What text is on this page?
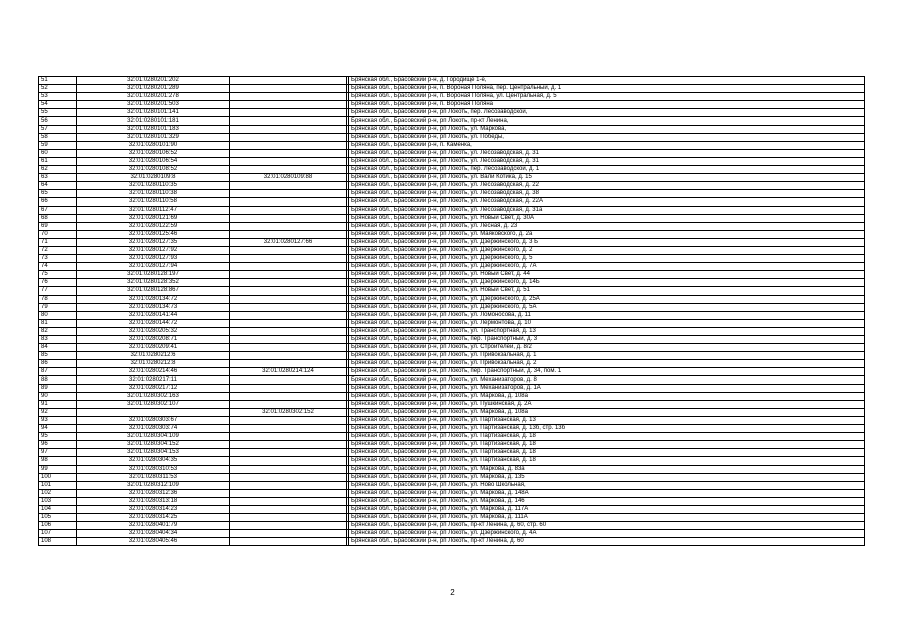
51	32:01:0280201:202			Брянская обл., Брасовский р-н, д. Городище 1-е,
52	32:01:0280201:289			Брянская обл., Брасовский р-н, п. Вороная Поляна, пер. Центральный, д. 1
53	32:01:0280201:278			Брянская обл., Брасовский р-н, п. Вороная Поляна, ул. Центральная, д. 5
54	32:01:0280201:503			Брянская обл., Брасовский р-н, п. Вороная Поляна
55	32:01:0280101:141			Брянская обл., Брасовский р-н, рп Локоть, пер. Лесозаводской,
56	32:01:0280101:181			Брянская обл., Брасовский р-н, рп Локоть, пр-кт Ленина,
57	32:01:0280101:183			Брянская обл., Брасовский р-н, рп Локоть, ул. Маркова,
58	32:01:0280101:329			Брянская обл., Брасовский р-н, рп Локоть, ул. Победы,
59	32:01:0280101:90			Брянская обл., Брасовский р-н, п. Каменка,
60	32:01:0280106:52			Брянская обл., Брасовский р-н, рп Локоть, ул. Лесозаводская, д. 31
61	32:01:0280106:54			Брянская обл., Брасовский р-н, рп Локоть, ул. Лесозаводская, д. 31
62	32:01:0280108:52			Брянская обл., Брасовский р-н, рп Локоть, пер. Лесозаводской, д. 1
63	32:01:0280109:8	32:01:0280109:88		Брянская обл., Брасовский р-н, рп Локоть, ул. Вали Котика, д. 15
64	32:01:0280110:35			Брянская обл., Брасовский р-н, рп Локоть, ул. Лесозаводская, д. 22
65	32:01:0280110:38			Брянская обл., Брасовский р-н, рп Локоть, ул. Лесозаводская, д. 38
66	32:01:0280110:58			Брянская обл., Брасовский р-н, рп Локоть, ул. Лесозаводская, д. 22А
67	32:01:0280112:47			Брянская обл., Брасовский р-н, рп Локоть, ул. Лесозаводская, д. 31а
68	32:01:0280121:69			Брянская обл., Брасовский р-н, рп Локоть, ул. Новый Свет, д. 30А
69	32:01:0280122:59			Брянская обл., Брасовский р-н, рп Локоть, ул. Лесная, д. 23
70	32:01:0280125:46			Брянская обл., Брасовский р-н, рп Локоть, ул. Маяковского, д. 2а
71	32:01:0280127:35	32:01:0280127:66		Брянская обл., Брасовский р-н, рп Локоть, ул. Дзержинского, д. 3 Б
72	32:01:0280127:92			Брянская обл., Брасовский р-н, рп Локоть, ул. Дзержинского, д. 2
73	32:01:0280127:93			Брянская обл., Брасовский р-н, рп Локоть, ул. Дзержинского, д. 5
74	32:01:0280127:94			Брянская обл., Брасовский р-н, рп Локоть, ул. Дзержинского, д. 7А
75	32:01:0280128:197			Брянская обл., Брасовский р-н, рп Локоть, ул. Новый Свет, д. 44
76	32:01:0280128:352			Брянская обл., Брасовский р-н, рп Локоть, ул. Дзержинского, д. 14Б
77	32:01:0280128:867			Брянская обл., Брасовский р-н, рп Локоть, ул. Новый Свет, д. 51
78	32:01:0280134:72			Брянская обл., Брасовский р-н, рп Локоть, ул. Дзержинского, д. 25А
79	32:01:0280134:73			Брянская обл., Брасовский р-н, рп Локоть, ул. Дзержинского, д. 5А
80	32:01:0280141:44			Брянская обл., Брасовский р-н, рп Локоть, ул. Ломоносова, д. 11
81	32:01:0280144:72			Брянская обл., Брасовский р-н, рп Локоть, ул. Лермонтова, д. 10
82	32:01:0280205:32			Брянская обл., Брасовский р-н, рп Локоть, ул. Транспортная, д. 13
83	32:01:0280208:71			Брянская обл., Брасовский р-н, рп Локоть, пер. Транспортный, д. 3
84	32:01:0280209:41			Брянская обл., Брасовский р-н, рп Локоть, ул. Строителей, д. 8/2
85	32:01:0280212:6			Брянская обл., Брасовский р-н, рп Локоть, ул. Привокзальная, д. 1
86	32:01:0280212:8			Брянская обл., Брасовский р-н, рп Локоть, ул. Привокзальная, д. 2
87	32:01:0280214:46	32:01:0280214:124		Брянская обл., Брасовский р-н, рп Локоть, пер. Транспортный, д. 34, пом. 1
88	32:01:0280217:11			Брянская обл., Брасовский р-н, рп Локоть, ул. Механизаторов, д. 8
89	32:01:0280217:12			Брянская обл., Брасовский р-н, рп Локоть, ул. Механизаторов, д. 1А
90	32:01:0280302:163			Брянская обл., Брасовский р-н, рп Локоть, ул. Маркова, д. 108а
91	32:01:0280302:107			Брянская обл., Брасовский р-н, рп Локоть, ул. Пушкинская, д. 2А
92		32:01:0280302:152		Брянская обл., Брасовский р-н, рп Локоть, ул. Маркова, д. 108а
93	32:01:0280303:67			Брянская обл., Брасовский р-н, рп Локоть, ул. Партизанская, д. 13
94	32:01:0280303:74			Брянская обл., Брасовский р-н, рп Локоть, ул. Партизанская, д. 13б, стр. 13б
95	32:01:0280304:109			Брянская обл., Брасовский р-н, рп Локоть, ул. Партизанская, д. 18
96	32:01:0280304:152			Брянская обл., Брасовский р-н, рп Локоть, ул. Партизанская, д. 18
97	32:01:0280304:153			Брянская обл., Брасовский р-н, рп Локоть, ул. Партизанская, д. 18
98	32:01:0280304:35			Брянская обл., Брасовский р-н, рп Локоть, ул. Партизанская, д. 18
99	32:01:0280310:53			Брянская обл., Брасовский р-н, рп Локоть, ул. Маркова, д. 83а
100	32:01:0280311:53			Брянская обл., Брасовский р-н, рп Локоть, ул. Маркова, д. 135
101	32:01:0280312:109			Брянская обл., Брасовский р-н, рп Локоть, ул. Ново Школьная,
102	32:01:0280312:36			Брянская обл., Брасовский р-н, рп Локоть, ул. Маркова, д. 148А
103	32:01:0280313:18			Брянская обл., Брасовский р-н, рп Локоть, ул. Маркова, д. 146
104	32:01:0280314:23			Брянская обл., Брасовский р-н, рп Локоть, ул. Маркова, д. 117А
105	32:01:0280314:25			Брянская обл., Брасовский р-н, рп Локоть, ул. Маркова, д. 111А
106	32:01:0280401:79			Брянская обл., Брасовский р-н, рп Локоть, пр-кт Ленина, д. 60, стр. 60
107	32:01:0280404:34			Брянская обл., Брасовский р-н, рп Локоть, ул. Дзержинского, д. 4А
108	32:01:0280405:46			Брянская обл., Брасовский р-н, рп Локоть, пр-кт Ленина, д. 60
2
